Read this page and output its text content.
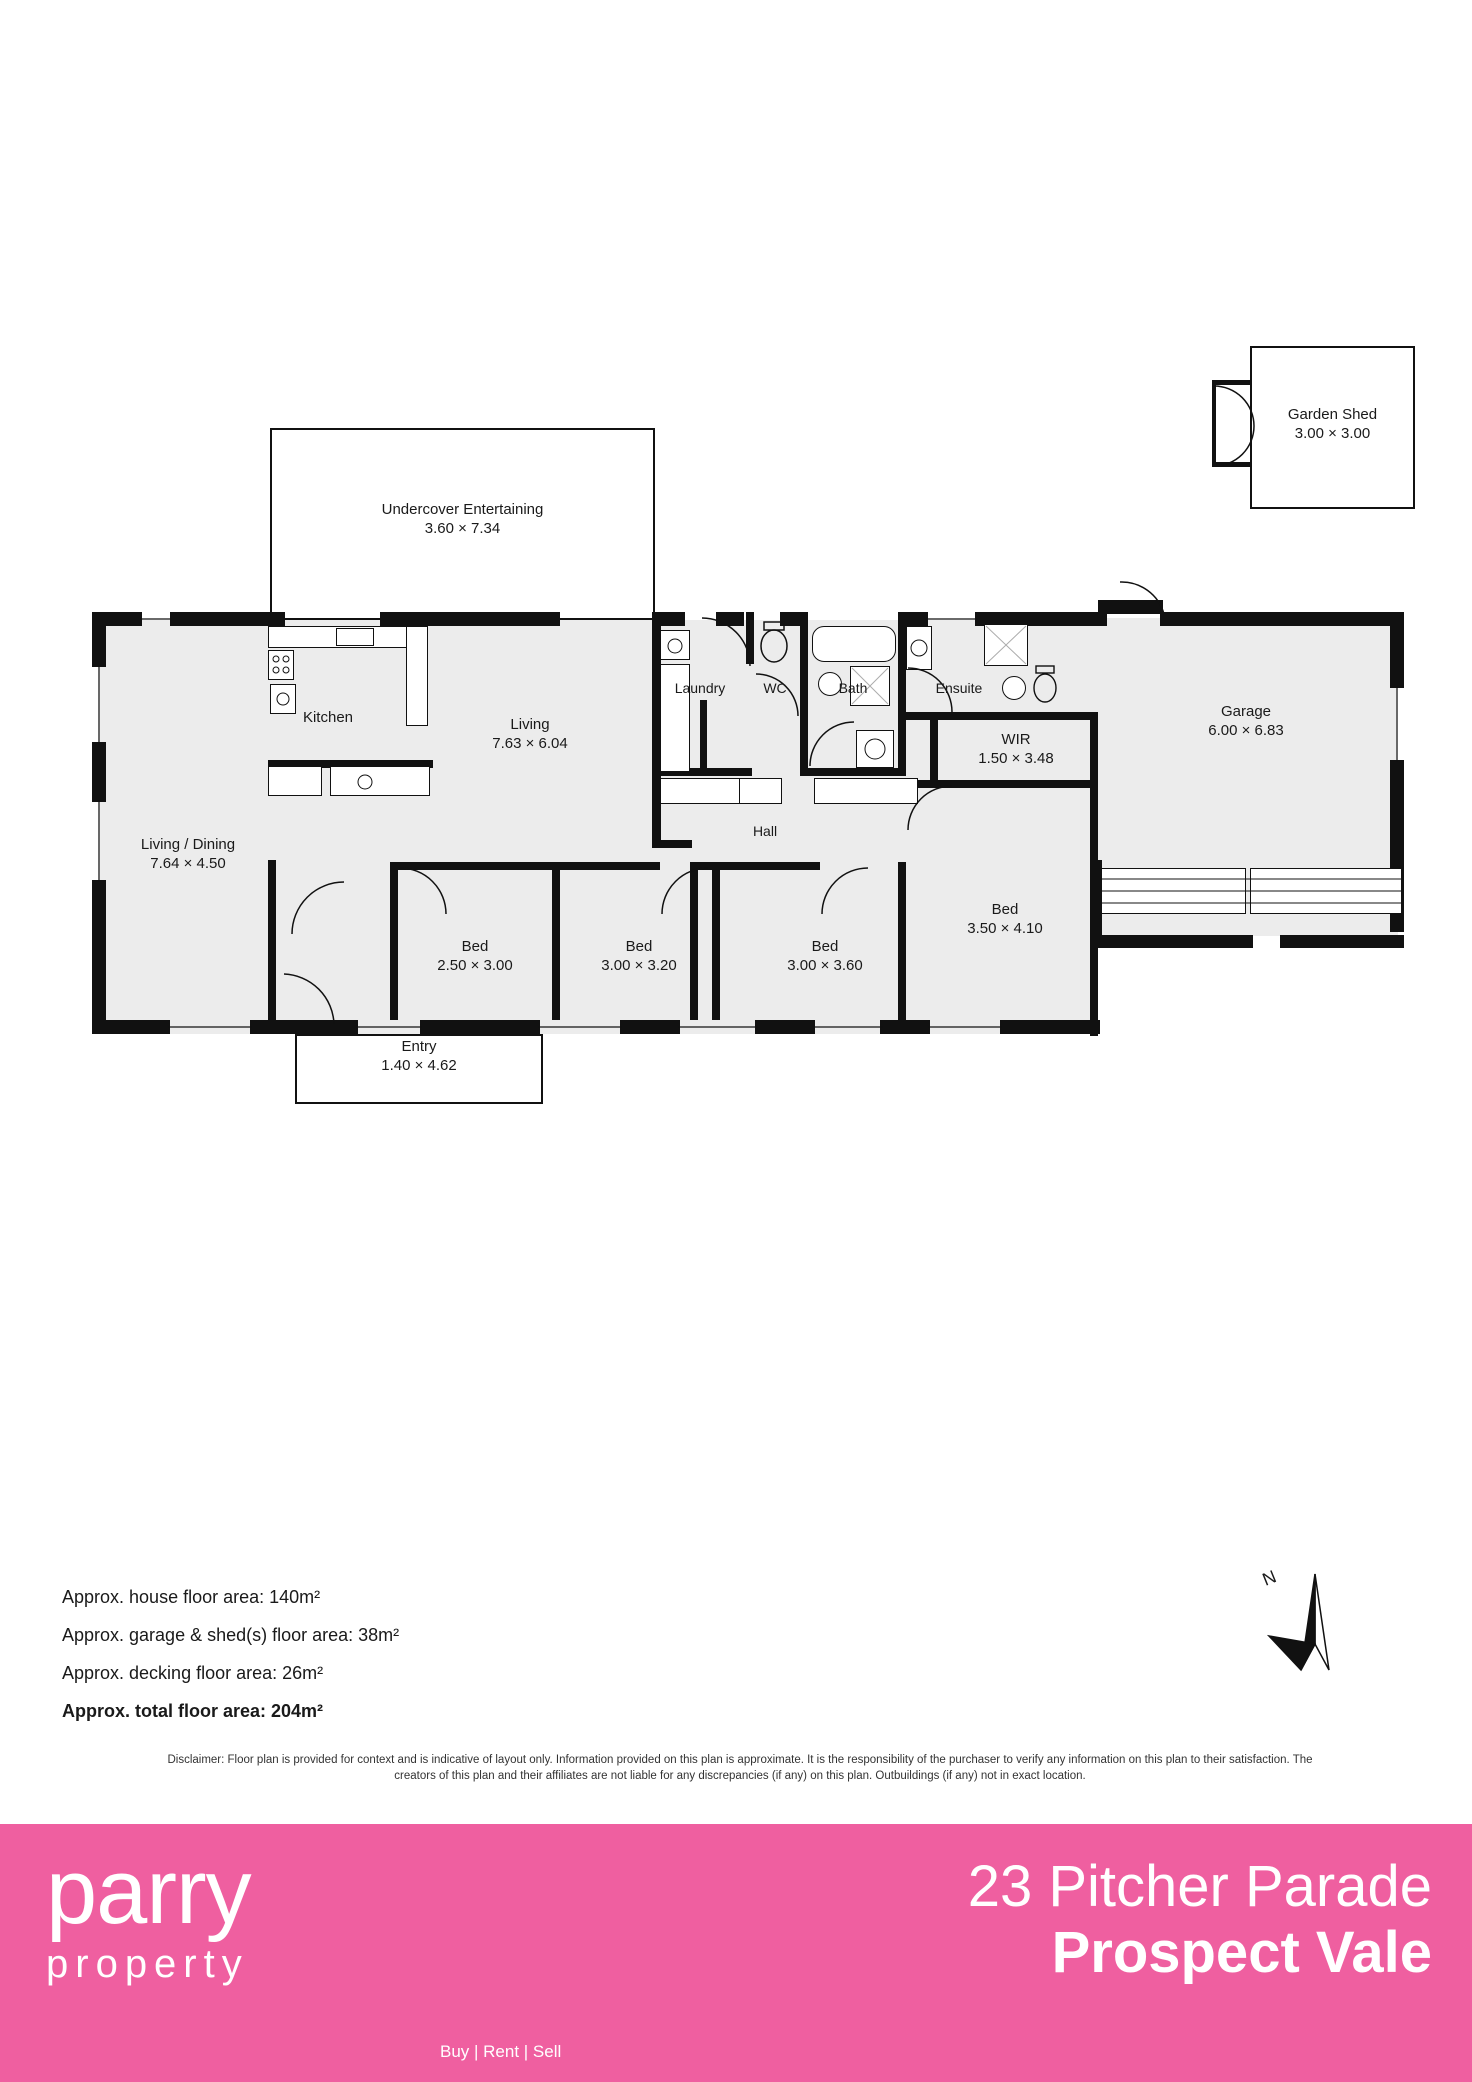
Garden Shed
3.00 × 3.00
Undercover Entertaining
3.60 × 7.34
Entry
1.40 × 4.62
Kitchen	Living
7.63 × 6.04
Laundry	WC	Bath	Ensuite
Garage
6.00 × 6.83
WIR
1.50 × 3.48
Living / Dining
7.64 × 4.50
Hall
Bed
2.50 × 3.00
Bed
3.00 × 3.20
Bed
3.00 × 3.60
Bed
3.50 × 4.10
Approx. house floor area: 140m²
Approx. garage & shed(s) floor area: 38m²
Approx. decking floor area: 26m²
Approx. total floor area: 204m²
N
Disclaimer: Floor plan is provided for context and is indicative of layout only. Information provided on this plan is approximate. It is the responsibility of the purchaser to verify any information on this plan to their satisfaction. The creators of this plan and their affiliates are not liable for any discrepancies (if any) on this plan. Outbuildings (if any) not in exact location.
parry
property
Buy | Rent | Sell
23 Pitcher Parade
Prospect Vale
